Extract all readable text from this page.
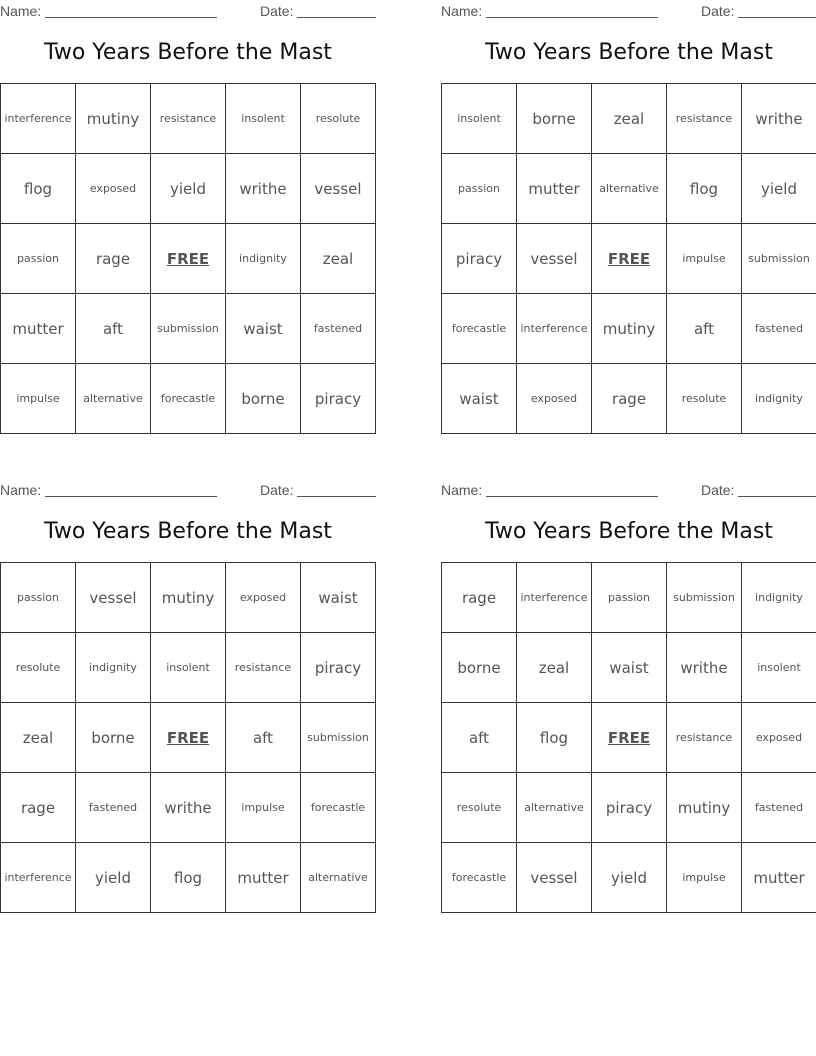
Name:	Date:
Two Years Before the Mast
interference	mutiny	resistance	insolent	resolute
flog	exposed	yield	writhe	vessel
passion	rage	FREE	indignity	zeal
mutter	aft	submission	waist	fastened
impulse	alternative	forecastle	borne	piracy
Name:	Date:
Two Years Before the Mast
insolent	borne	zeal	resistance	writhe
passion	mutter	alternative	flog	yield
piracy	vessel	FREE	impulse	submission
forecastle	interference	mutiny	aft	fastened
waist	exposed	rage	resolute	indignity
Name:	Date:
Two Years Before the Mast
passion	vessel	mutiny	exposed	waist
resolute	indignity	insolent	resistance	piracy
zeal	borne	FREE	aft	submission
rage	fastened	writhe	impulse	forecastle
interference	yield	flog	mutter	alternative
Name:	Date:
Two Years Before the Mast
rage	interference	passion	submission	indignity
borne	zeal	waist	writhe	insolent
aft	flog	FREE	resistance	exposed
resolute	alternative	piracy	mutiny	fastened
forecastle	vessel	yield	impulse	mutter
